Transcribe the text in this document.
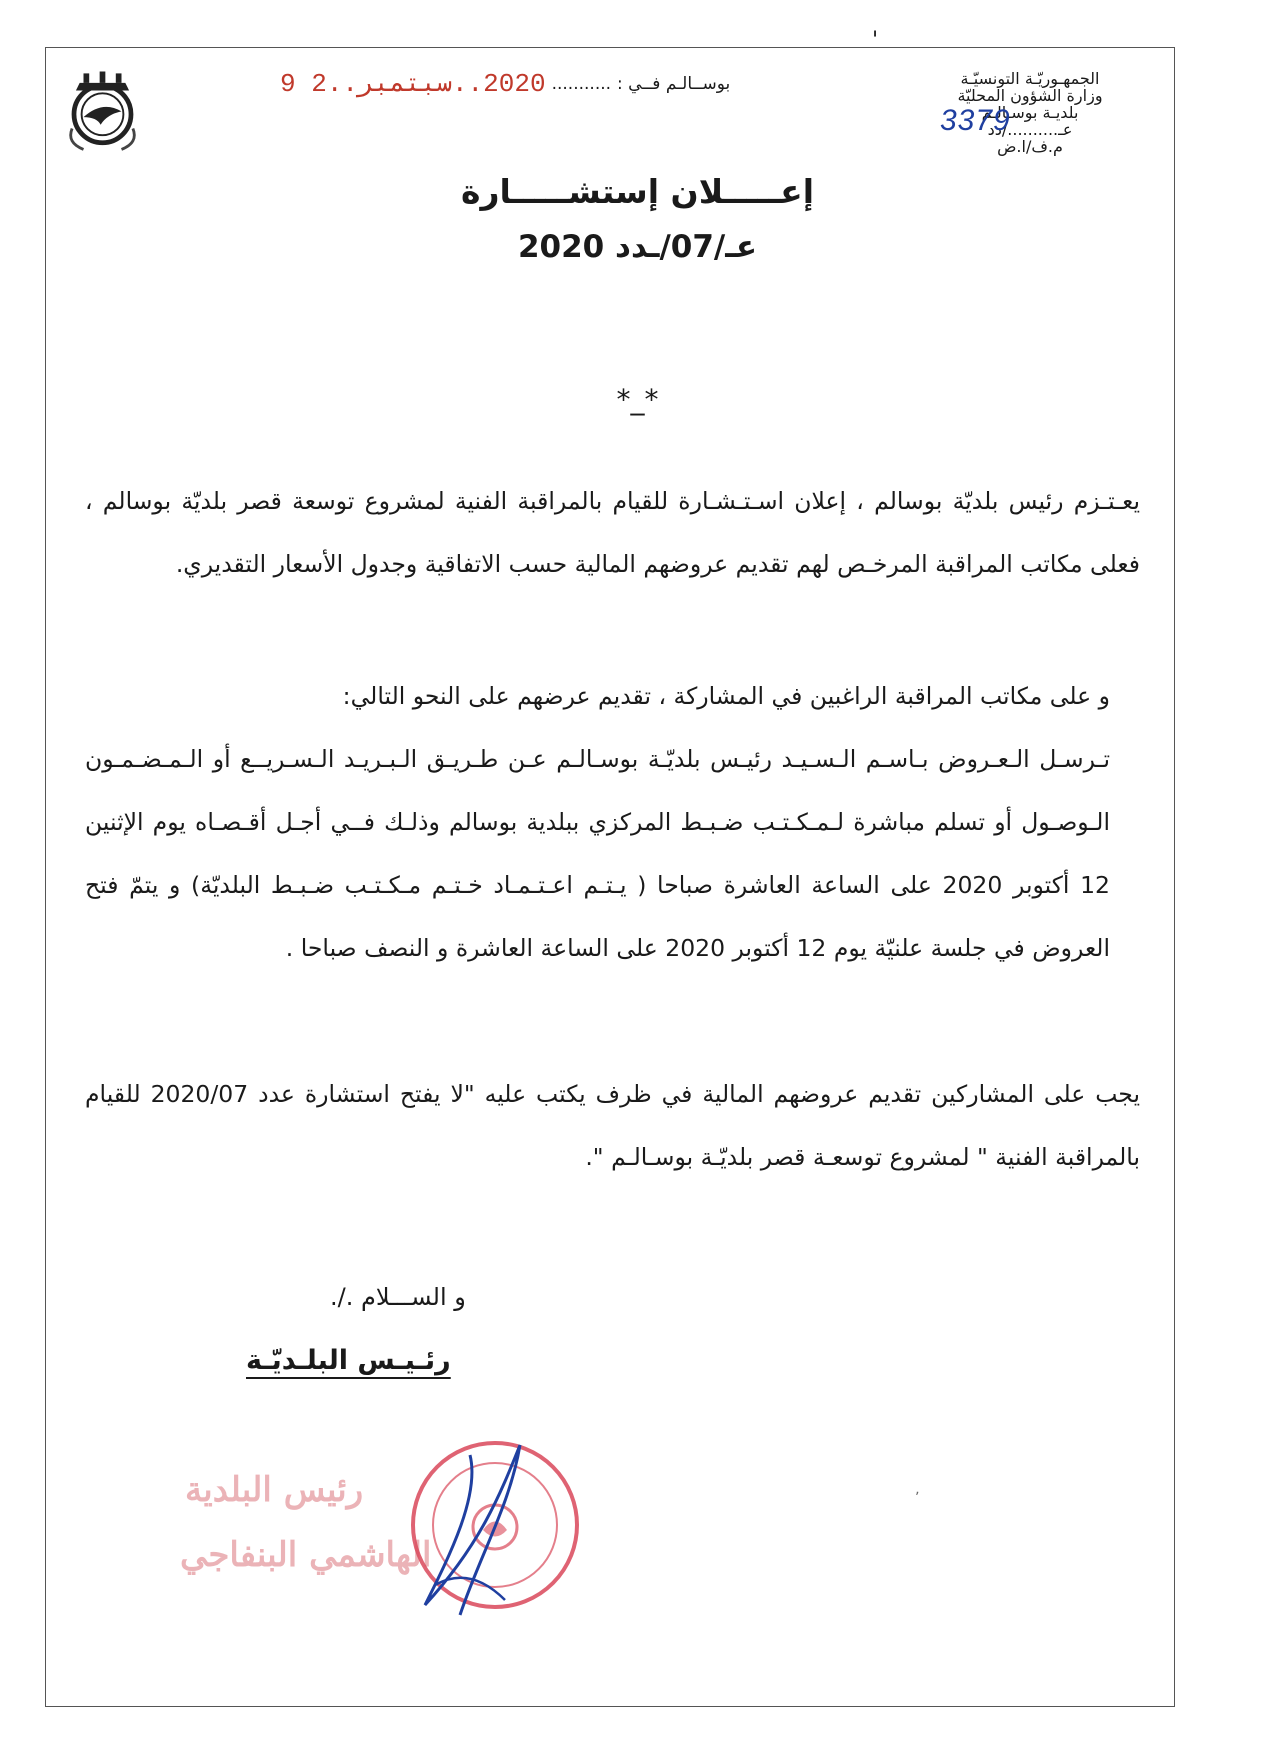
'
بوســالـم فــي :
...........
2020..سبتمبر..2 9	الجمهـوريّـة التونسيّـة
وزارة الشؤون المحليّة
بلديـة بوسـالـم
عـ........../دد
م.ف/ا.ض
3379
إعـــــلان إستشـــــارة
عـ/07/ـدد 2020
*_*
يعـتـزم رئيس بلديّة بوسالم ، إعلان اسـتـشـارة للقيام بالمراقبة الفنية لمشروع توسعة قصر بلديّة بوسالم ، فعلى مكاتب المراقبة المرخـص لهم تقديم عروضهم المالية حسب الاتفاقية وجدول الأسعار التقديري.
و على مكاتب المراقبة الراغبين في المشاركة ، تقديم عرضهم على النحو التالي:
تـرسـل الـعـروض بـاسـم الـسـيـد رئيـس بلديّـة بوسـالـم عـن طـريـق الـبـريـد الـسـريــع أو الـمـضـمـون الـوصـول أو تسلم مباشرة لـمـكـتـب ضـبـط المركزي ببلدية بوسالم وذلـك فــي أجـل أقـصـاه يوم الإثنين 12 أكتوبر 2020 على الساعة العاشرة صباحا ( يـتـم اعـتـمـاد خـتـم مـكـتـب ضـبـط البلديّة) و يتمّ فتح العروض في جلسة علنيّة يوم 12 أكتوبر 2020 على الساعة العاشرة و النصف صباحا .
يجب على المشاركين تقديم عروضهم المالية في ظرف يكتب عليه "لا يفتح استشارة عدد 2020/07 للقيام بالمراقبة الفنية " لمشروع توسعـة قصر بلديّـة بوسـالـم ".
و الســـلام ./.
رئـيـس البلـديّـة
رئيس البلدية
الهاشمي البنفاجي
ʼ
